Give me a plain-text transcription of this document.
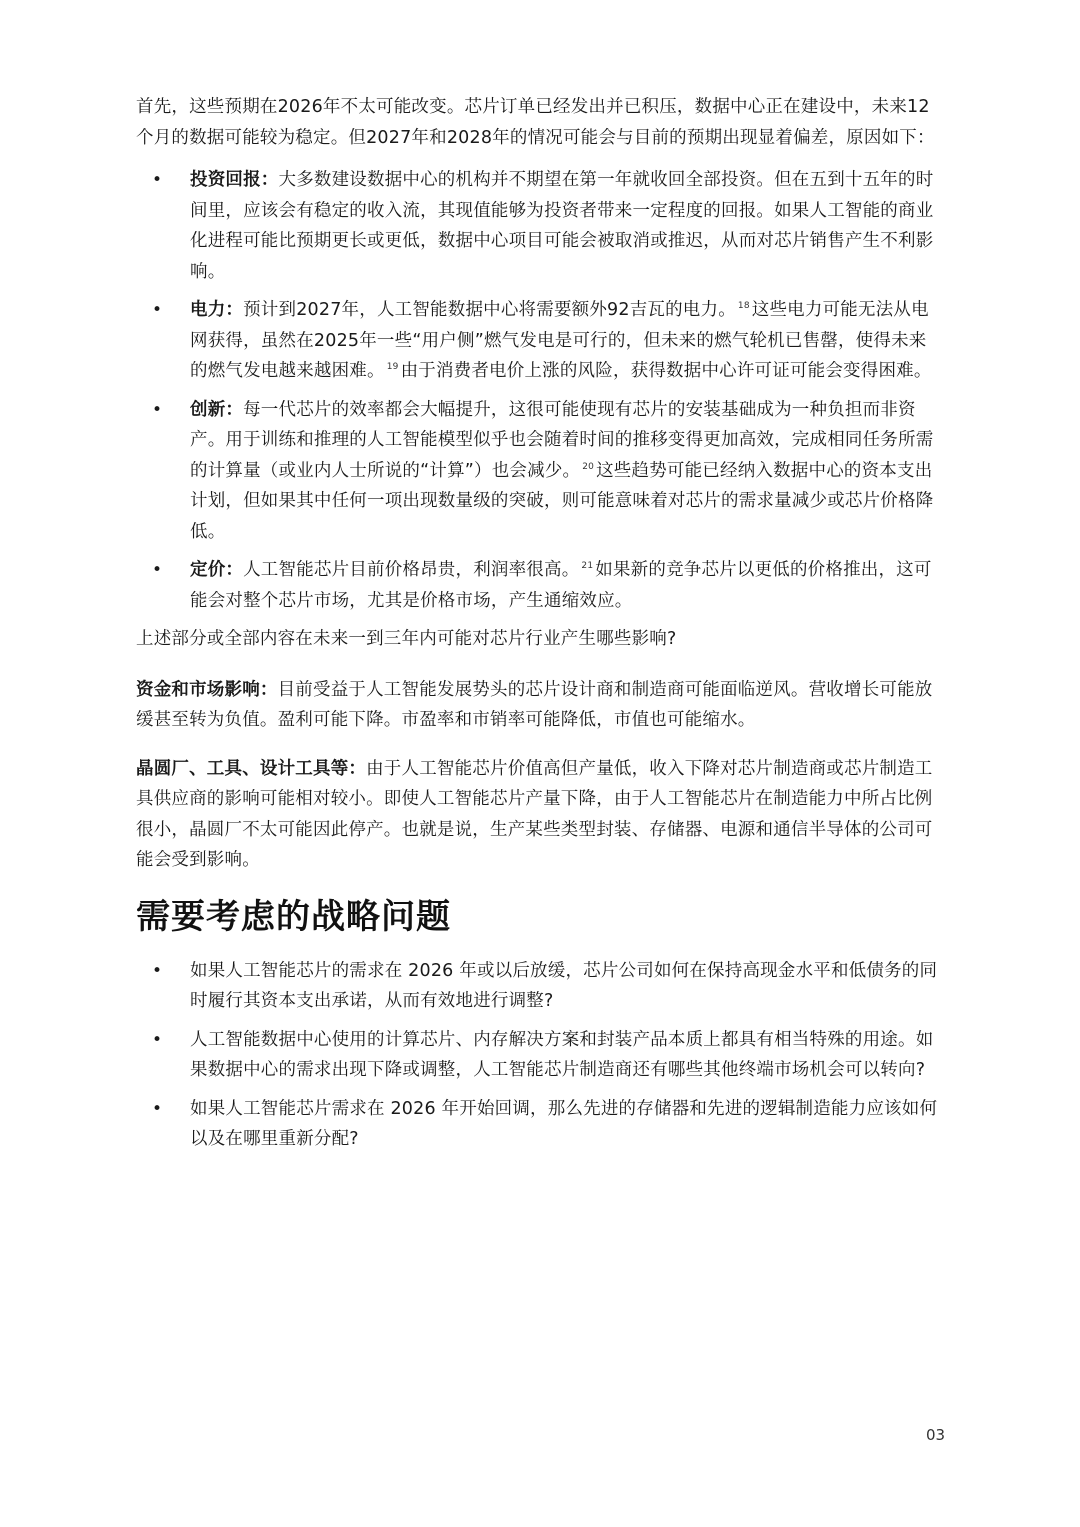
首先，这些预期在2026年不太可能改变。芯片订单已经发出并已积压，数据中心正在建设中，未来12个月的数据可能较为稳定。但2027年和2028年的情况可能会与目前的预期出现显着偏差，原因如下：

• 投资回报：大多数建设数据中心的机构并不期望在第一年就收回全部投资。但在五到十五年的时间里，应该会有稳定的收入流，其现值能够为投资者带来一定程度的回报。如果人工智能的商业化进程可能比预期更长或更低，数据中心项目可能会被取消或推迟，从而对芯片销售产生不利影响。
• 电力：预计到2027年，人工智能数据中心将需要额外92吉瓦的电力。 $^{18}$ 这些电力可能无法从电网获得，虽然在2025年一些“用户侧”燃气发电是可行的，但未来的燃气轮机已售罄，使得未来的燃气发电越来越困难。 $^{19}$ 由于消费者电价上涨的风险，获得数据中心许可证可能会变得困难。
• 创新：每一代芯片的效率都会大幅提升，这很可能使现有芯片的安装基础成为一种负担而非资产。用于训练和推理的人工智能模型似乎也会随着时间的推移变得更加高效，完成相同任务所需的计算量（或业内人士所说的“计算”）也会减少。 $^{20}$ 这些趋势可能已经纳入数据中心的资本支出计划，但如果其中任何一项出现数量级的突破，则可能意味着对芯片的需求量减少或芯片价格降低。
• 定价：人工智能芯片目前价格昂贵，利润率很高。 $^{21}$ 如果新的竞争芯片以更低的价格推出，这可能会对整个芯片市场，尤其是价格市场，产生通缩效应。

上述部分或全部内容在未来一到三年内可能对芯片行业产生哪些影响?

资金和市场影响：目前受益于人工智能发展势头的芯片设计商和制造商可能面临逆风。营收增长可能放缓甚至转为负值。盈利可能下降。市盈率和市销率可能降低，市值也可能缩水。

晶圆厂、工具、设计工具等：由于人工智能芯片价值高但产量低，收入下降对芯片制造商或芯片制造工具供应商的影响可能相对较小。即使人工智能芯片产量下降，由于人工智能芯片在制造能力中所占比例很小，晶圆厂不太可能因此停产。也就是说，生产某些类型封装、存储器、电源和通信半导体的公司可能会受到影响。

需要考虑的战略问题
• 如果人工智能芯片的需求在 2026 年或以后放缓，芯片公司如何在保持高现金水平和低债务的同时履行其资本支出承诺，从而有效地进行调整?
• 人工智能数据中心使用的计算芯片、内存解决方案和封装产品本质上都具有相当特殊的用途。如果数据中心的需求出现下降或调整，人工智能芯片制造商还有哪些其他终端市场机会可以转向?
• 如果人工智能芯片需求在 2026 年开始回调，那么先进的存储器和先进的逻辑制造能力应该如何以及在哪里重新分配?
03
